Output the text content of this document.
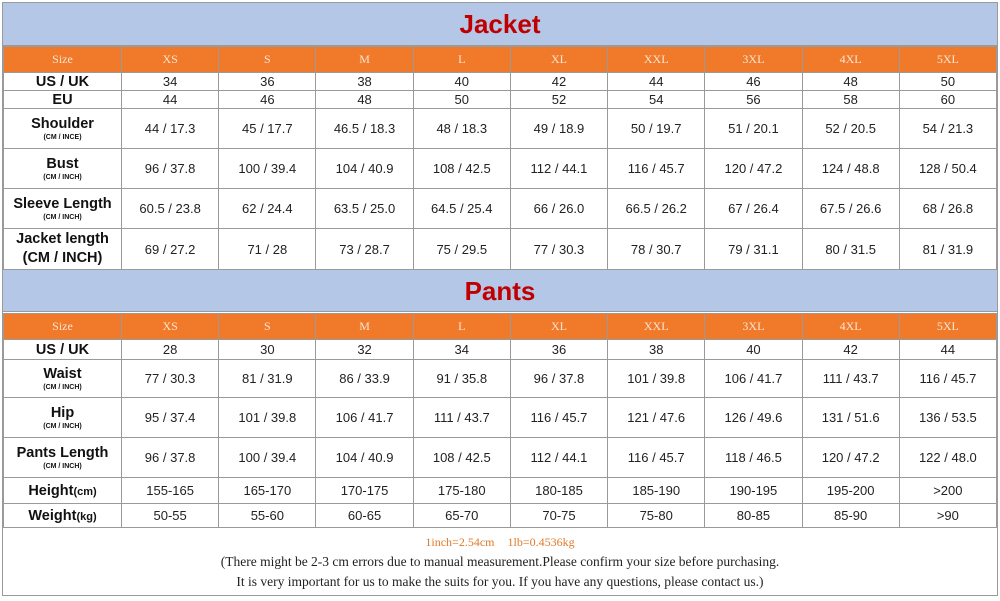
Jacket
Size	XS	S	M	L	XL	XXL	3XL	4XL	5XL
US / UK	34	36	38	40	42	44	46	48	50
EU	44	46	48	50	52	54	56	58	60

Shoulder
(CM / INCE)	44 / 17.3	45 / 17.7	46.5 / 18.3	48 / 18.3	49 / 18.9	50 / 19.7	51 / 20.1	52 / 20.5	54 / 21.3

Bust
(CM / INCH)	96 / 37.8	100 / 39.4	104 / 40.9	108 / 42.5	112 / 44.1	116 / 45.7	120 / 47.2	124 / 48.8	128 / 50.4

Sleeve Length
(CM / INCH)	60.5 / 23.8	62 / 24.4	63.5 / 25.0	64.5 / 25.4	66 / 26.0	66.5 / 26.2	67 / 26.4	67.5 / 26.6	68 / 26.8

Jacket length
(CM / INCH)	69 / 27.2	71 / 28	73 / 28.7	75 / 29.5	77 / 30.3	78 / 30.7	79 / 31.1	80 / 31.5	81 / 31.9
Pants
Size	XS	S	M	L	XL	XXL	3XL	4XL	5XL
US / UK	28	30	32	34	36	38	40	42	44

Waist
(CM / INCH)	77 / 30.3	81 / 31.9	86 / 33.9	91 / 35.8	96 / 37.8	101 / 39.8	106 / 41.7	111 / 43.7	116 / 45.7

Hip
(CM / INCH)	95 / 37.4	101 / 39.8	106 / 41.7	111 / 43.7	116 / 45.7	121 / 47.6	126 / 49.6	131 / 51.6	136 / 53.5

Pants Length
(CM / INCH)	96 / 37.8	100 / 39.4	104 / 40.9	108 / 42.5	112 / 44.1	116 / 45.7	118 / 46.5	120 / 47.2	122 / 48.0
Height(cm)	155-165	165-170	170-175	175-180	180-185	185-190	190-195	195-200	>200
Weight(kg)	50-55	55-60	60-65	65-70	70-75	75-80	80-85	85-90	>90
1inch=2.54cm 1lb=0.4536kg
(There might be 2-3 cm errors due to manual measurement.Please confirm your size before purchasing.
It is very important for us to make the suits for you. If you have any questions, please contact us.)
